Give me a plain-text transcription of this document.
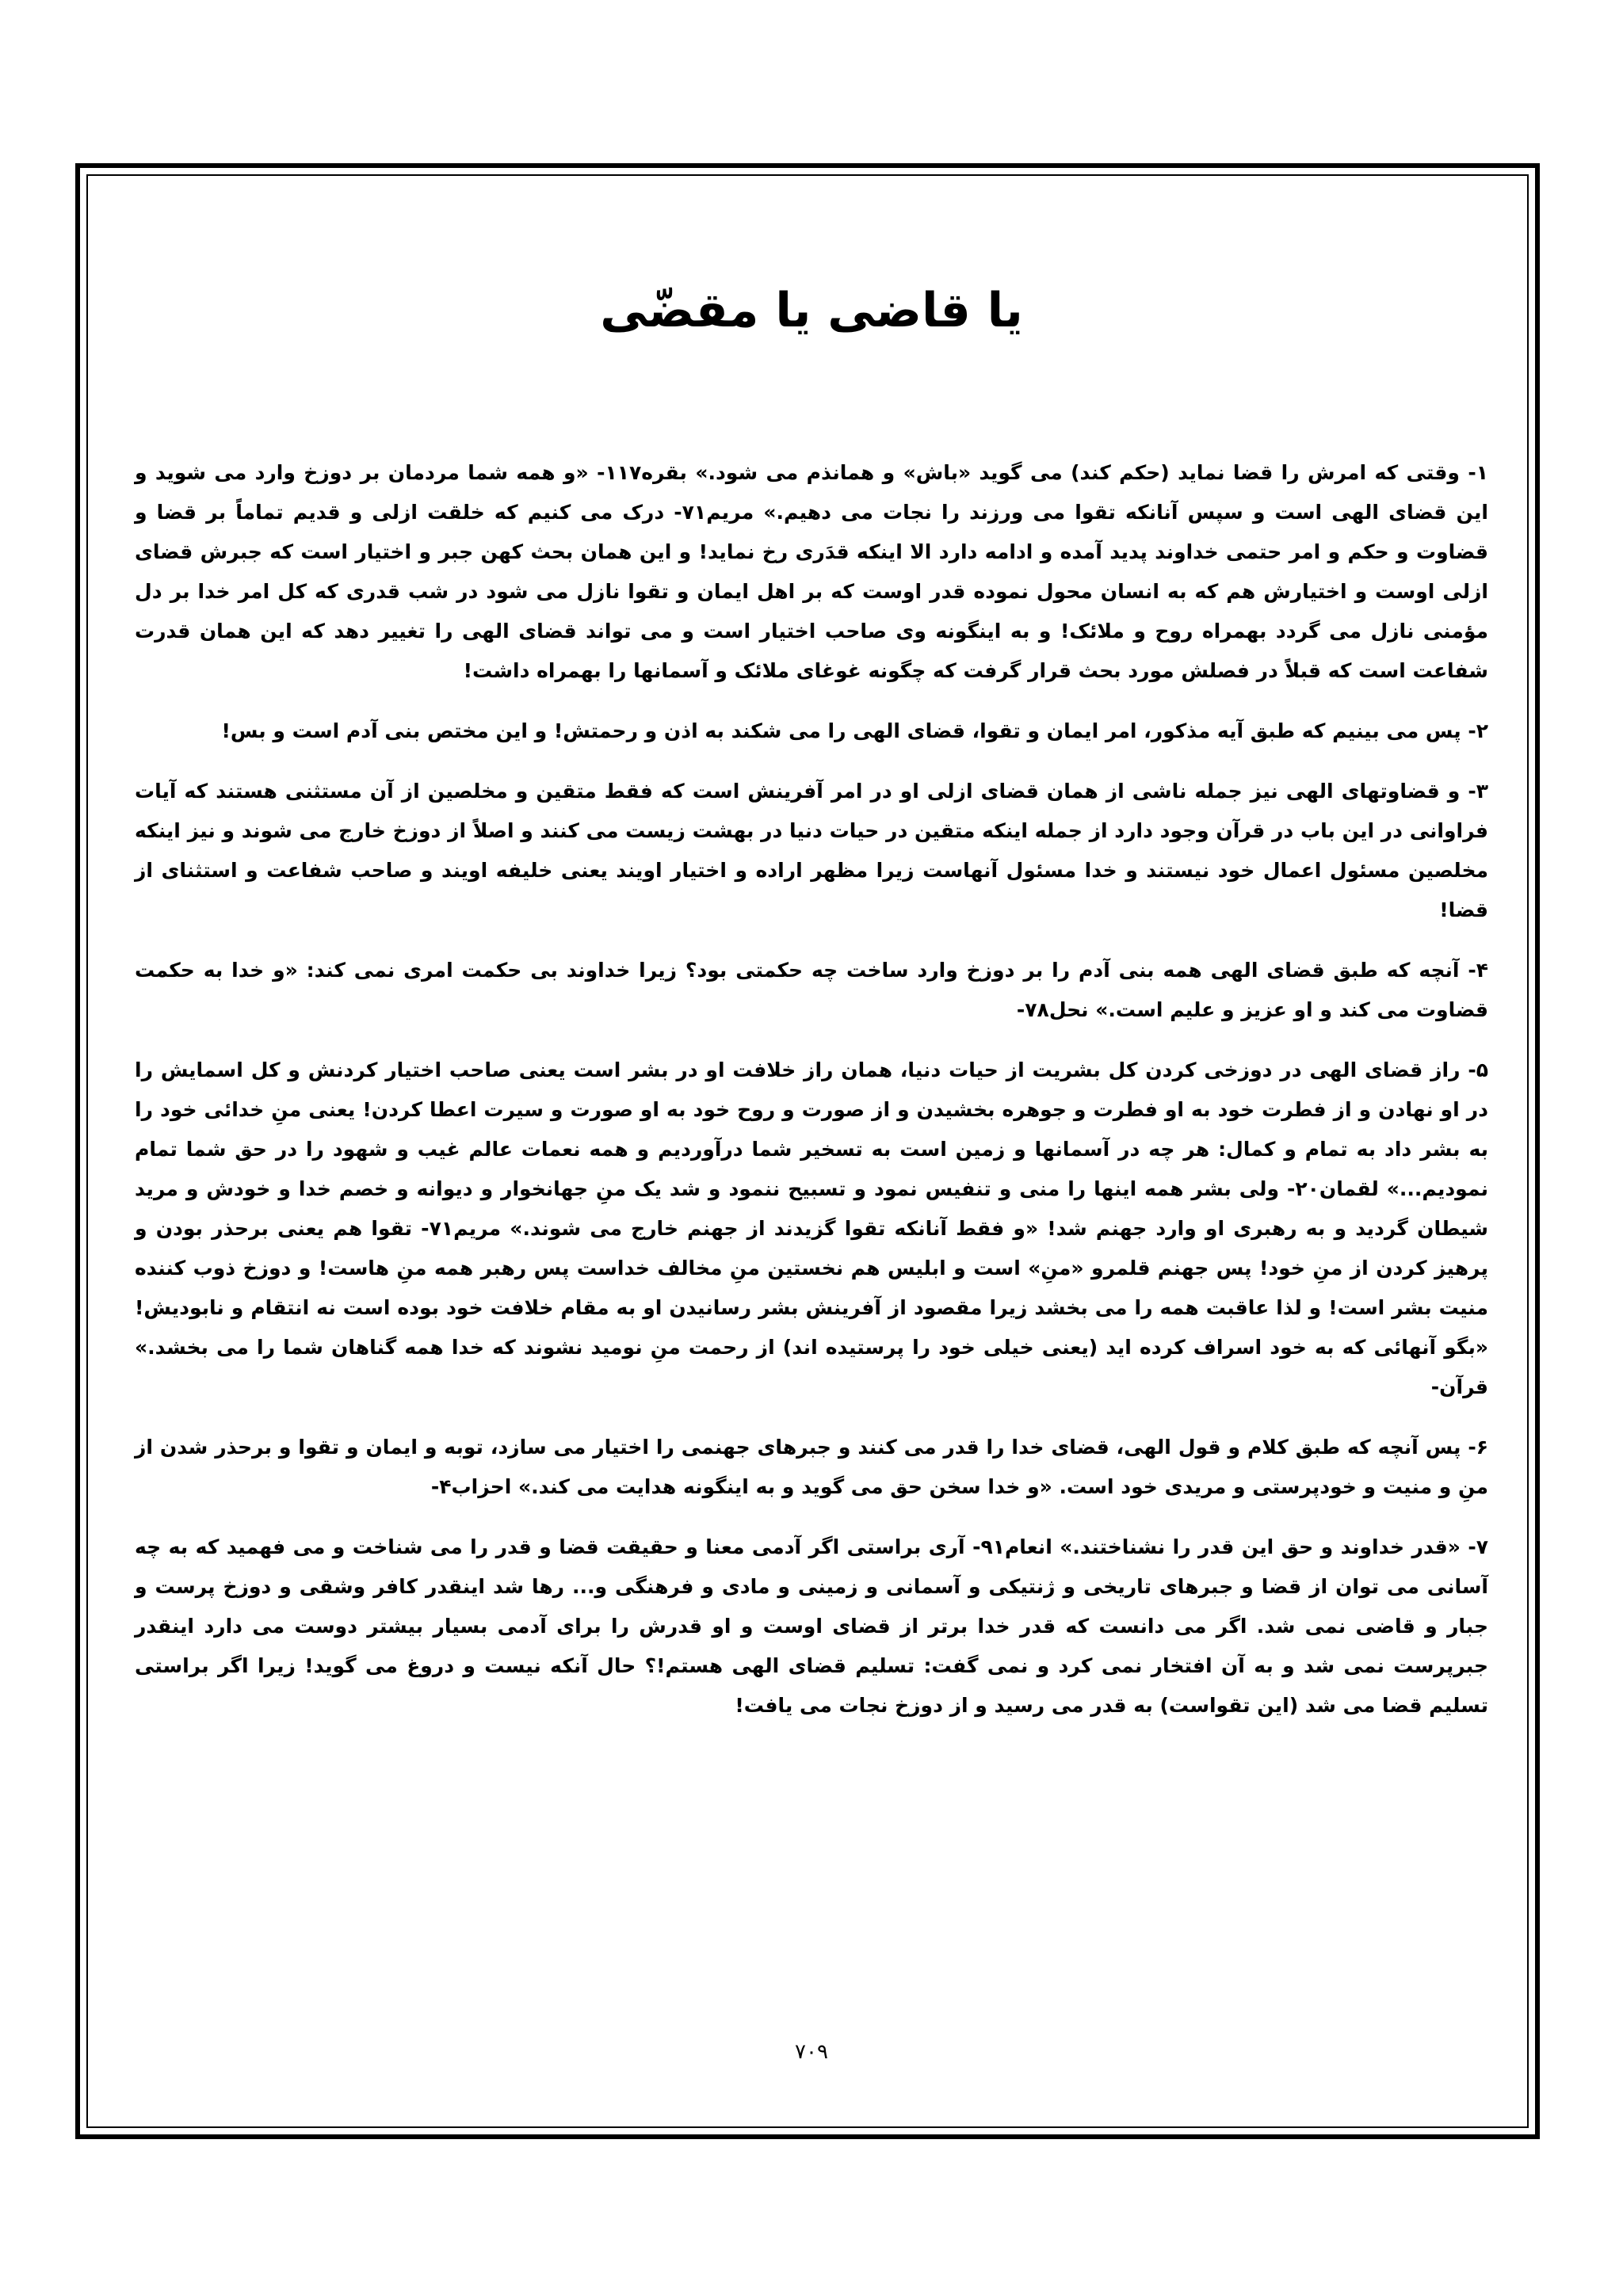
یا قاضی یا مقضّی

۱- وقتی که امرش را قضا نماید (حکم کند) می گوید «باش» و همانذم می شود.» بقره۱۱۷- «و همه شما مردمان بر دوزخ وارد می شوید و این قضای الهی است و سپس آنانکه تقوا می ورزند را نجات می دهیم.» مریم۷۱- درک می کنیم که خلقت ازلی و قدیم تماماً بر قضا و قضاوت و حکم و امر حتمی خداوند پدید آمده و ادامه دارد الا اینکه قدَری رخ نماید! و این همان بحث کهن جبر و اختیار است که جبرش قضای ازلی اوست و اختیارش هم که به انسان محول نموده قدر اوست که بر اهل ایمان و تقوا نازل می شود در شب قدری که کل امر خدا بر دل مؤمنی نازل می گردد بهمراه روح و ملائک! و به اینگونه وی صاحب اختیار است و می تواند قضای الهی را تغییر دهد که این همان قدرت شفاعت است که قبلاً در فصلش مورد بحث قرار گرفت که چگونه غوغای ملائک و آسمانها را بهمراه داشت!

۲- پس می بینیم که طبق آیه مذکور، امر ایمان و تقوا، قضای الهی را می شکند به اذن و رحمتش! و این مختص بنی آدم است و بس!

۳- و قضاوتهای الهی نیز جمله ناشی از همان قضای ازلی او در امر آفرینش است که فقط متقین و مخلصین از آن مستثنی هستند که آیات فراوانی در این باب در قرآن وجود دارد از جمله اینکه متقین در حیات دنیا در بهشت زیست می کنند و اصلاً از دوزخ خارج می شوند و نیز اینکه مخلصین مسئول اعمال خود نیستند و خدا مسئول آنهاست زیرا مظهر اراده و اختیار اویند یعنی خلیفه اویند و صاحب شفاعت و استثنای از قضا!

۴- آنچه که طبق قضای الهی همه بنی آدم را بر دوزخ وارد ساخت چه حکمتی بود؟ زیرا خداوند بی حکمت امری نمی کند: «و خدا به حکمت قضاوت می کند و او عزیز و علیم است.» نحل۷۸-

۵- راز قضای الهی در دوزخی کردن کل بشریت از حیات دنیا، همان راز خلافت او در بشر است یعنی صاحب اختیار کردنش و کل اسمایش را در او نهادن و از فطرت خود به او فطرت و جوهره بخشیدن و از صورت و روح خود به او صورت و سیرت اعطا کردن! یعنی منِ خدائی خود را به بشر داد به تمام و کمال: هر چه در آسمانها و زمین است به تسخیر شما درآوردیم و همه نعمات عالم غیب و شهود را در حق شما تمام نمودیم...» لقمان۲۰- ولی بشر همه اینها را منی و تنفیس نمود و تسبیح ننمود و شد یک منِ جهانخوار و دیوانه و خصم خدا و خودش و مرید شیطان گردید و به رهبری او وارد جهنم شد! «و فقط آنانکه تقوا گزیدند از جهنم خارج می شوند.» مریم۷۱- تقوا هم یعنی برحذر بودن و پرهیز کردن از منِ خود! پس جهنم قلمرو «منِ» است و ابلیس هم نخستین منِ مخالف خداست پس رهبر همه منِ هاست! و دوزخ ذوب کننده منیت بشر است! و لذا عاقبت همه را می بخشد زیرا مقصود از آفرینش بشر رسانیدن او به مقام خلافت خود بوده است نه انتقام و نابودیش! «بگو آنهائی که به خود اسراف کرده اید (یعنی خیلی خود را پرستیده اند) از رحمت منِ نومید نشوند که خدا همه گناهان شما را می بخشد.» قرآن-

۶- پس آنچه که طبق کلام و قول الهی، قضای خدا را قدر می کنند و جبرهای جهنمی را اختیار می سازد، توبه و ایمان و تقوا و برحذر شدن از منِ و منیت و خودپرستی و مریدی خود است. «و خدا سخن حق می گوید و به اینگونه هدایت می کند.» احزاب۴-

۷- «قدر خداوند و حق این قدر را نشناختند.» انعام۹۱- آری براستی اگر آدمی معنا و حقیقت قضا و قدر را می شناخت و می فهمید که به چه آسانی می توان از قضا و جبرهای تاریخی و ژنتیکی و آسمانی و زمینی و مادی و فرهنگی و... رها شد اینقدر کافر وشقی و دوزخ پرست و جبار و قاضی نمی شد. اگر می دانست که قدر خدا برتر از قضای اوست و او قدرش را برای آدمی بسیار بیشتر دوست می دارد اینقدر جبرپرست نمی شد و به آن افتخار نمی کرد و نمی گفت: تسلیم قضای الهی هستم!؟ حال آنکه نیست و دروغ می گوید! زیرا اگر براستی تسلیم قضا می شد (این تقواست) به قدر می رسید و از دوزخ نجات می یافت!

۷۰۹
